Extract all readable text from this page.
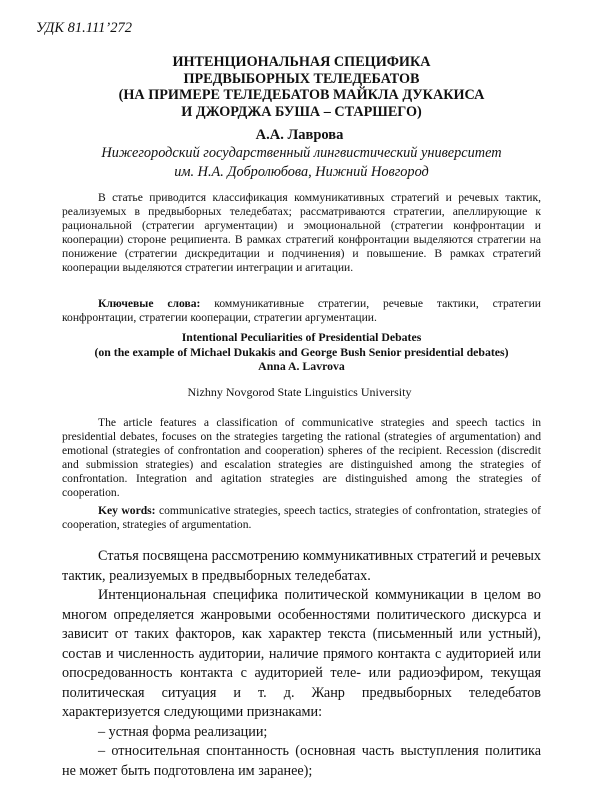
УДК 81.111’272
ИНТЕНЦИОНАЛЬНАЯ СПЕЦИФИКА
ПРЕДВЫБОРНЫХ ТЕЛЕДЕБАТОВ
(НА ПРИМЕРЕ ТЕЛЕДЕБАТОВ МАЙКЛА ДУКАКИСА
И ДЖОРДЖА БУША – СТАРШЕГО)
А.А. Лаврова
Нижегородский государственный лингвистический университет
им. Н.А. Добролюбова, Нижний Новгород

В статье приводится классификация коммуникативных стратегий и речевых тактик, реализуемых в предвыборных теледебатах; рассматриваются стратегии, апеллирующие к рациональной (стратегии аргументации) и эмоциональной (стратегии конфронтации и кооперации) стороне реципиента. В рамках стратегий конфронтации выделяются стратегии на понижение (стратегии дискредитации и подчинения) и повышение. В рамках стратегий кооперации выделяются стратегии интеграции и агитации.

Ключевые слова: коммуникативные стратегии, речевые тактики, стратегии конфронтации, стратегии кооперации, стратегии аргументации.

Intentional Peculiarities of Presidential Debates
(on the example of Michael Dukakis and George Bush Senior presidential debates)
Anna A. Lavrova
Nizhny Novgorod State Linguistics University

The article features a classification of communicative strategies and speech tactics in presidential debates, focuses on the strategies targeting the rational (strategies of argumentation) and emotional (strategies of confrontation and cooperation) spheres of the recipient. Recession (discredit and submission strategies) and escalation strategies are distinguished among the strategies of confrontation. Integration and agitation strategies are distinguished among the strategies of cooperation.

Key words: communicative strategies, speech tactics, strategies of confrontation, strategies of cooperation, strategies of argumentation.

Статья посвящена рассмотрению коммуникативных стратегий и речевых тактик, реализуемых в предвыборных теледебатах.

Интенциональная специфика политической коммуникации в целом во многом определяется жанровыми особенностями политического дискурса и зависит от таких факторов, как характер текста (письменный или устный), состав и численность аудитории, наличие прямого контакта с аудиторией или опосредованность контакта с аудиторией теле- или радиоэфиром, текущая политическая ситуация и т. д. Жанр предвыборных теледебатов характеризуется следующими признаками:

– устная форма реализации;

– относительная спонтанность (основная часть выступления политика не может быть подготовлена им заранее);
